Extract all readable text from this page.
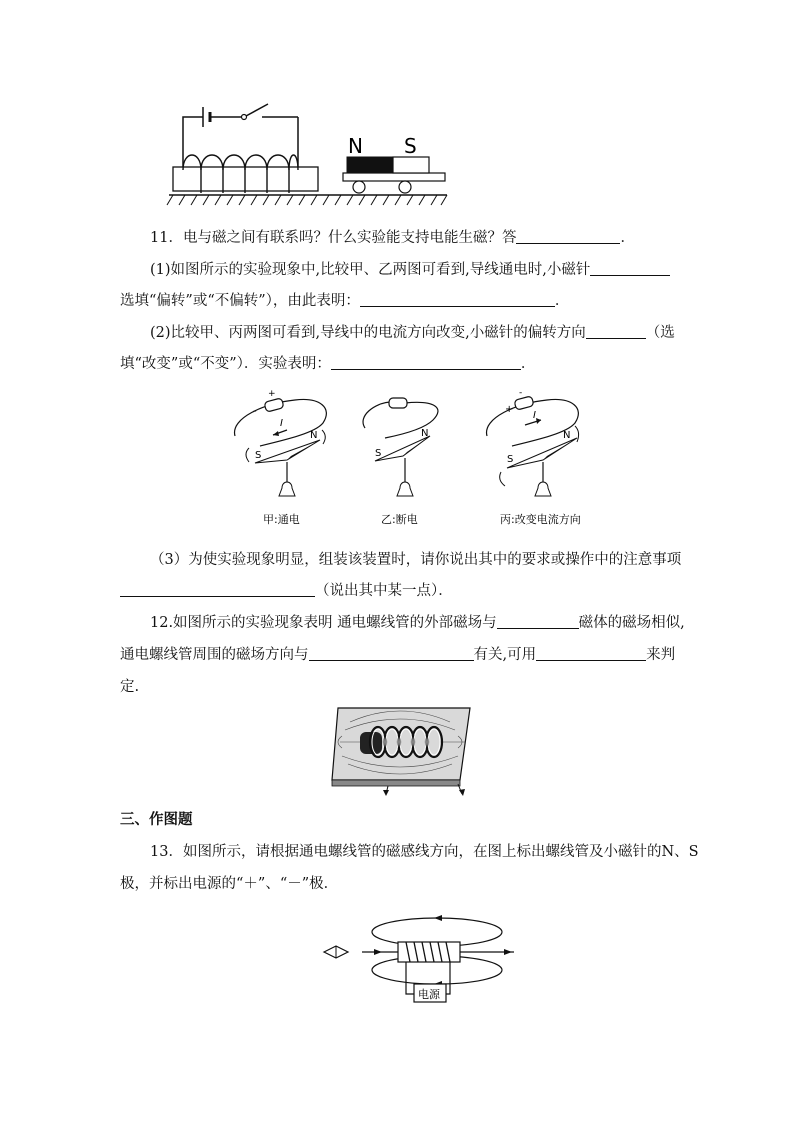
N S
11．电与磁之间有联系吗？什么实验能支持电能生磁？答	．
(1)如图所示的实验现象中,比较甲、乙两图可看到,导线通电时,小磁针
选填“偏转”或“不偏转”），由此表明：	．
(2)比较甲、丙两图可看到,导线中的电流方向改变,小磁针的偏转方向	（选
填“改变”或“不变”）．实验表明：	．
+
-
I
N
S
甲:通电
N
S
乙:断电
+
-
I
N
S
丙:改变电流方向
（3）为使实验现象明显，组装该装置时，请你说出其中的要求或操作中的注意事项
（说出其中某一点）．
12.如图所示的实验现象表明 通电螺线管的外部磁场与	磁体的磁场相似,
通电螺线管周围的磁场方向与	有关,可用	来判
定.
三、作图题
13．如图所示，请根据通电螺线管的磁感线方向，在图上标出螺线管及小磁针的N、S
极，并标出电源的“＋”、“－”极．
电源
